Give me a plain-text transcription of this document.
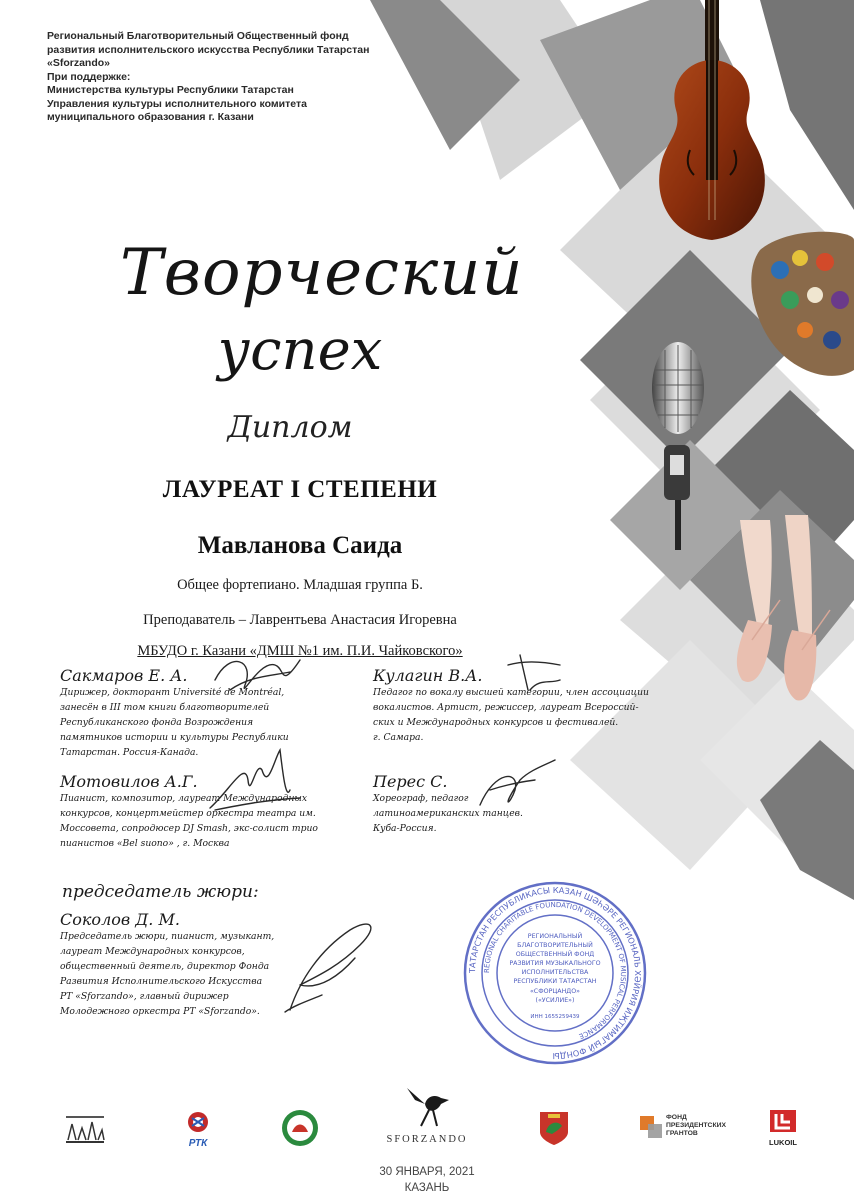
Региональный Благотворительный Общественный фонд
развития исполнительского искусства Республики Татарстан
«Sforzando»
При поддержке:
Министерства культуры Республики Татарстан
Управления культуры исполнительного комитета
муниципального образования г. Казани
Творческий
успех
Диплом
ЛАУРЕАТ I СТЕПЕНИ
Мавланова Саида
Общее фортепиано. Младшая группа Б.
Преподаватель – Лаврентьева Анастасия Игоревна
МБУДО г. Казани «ДМШ №1 им. П.И. Чайковского»
Сакмаров Е. А.
Дирижер, докторант Université de Montréal,
занесён в III том книги благотворителей
Республиканского фонда Возрождения
памятников истории и культуры Республики
Татарстан. Россия-Канада.
Кулагин В.А.
Педагог по вокалу высшей категории, член ассоциации
вокалистов. Артист, режиссер, лауреат Всероссий-
ских и Международных конкурсов и фестивалей.
г. Самара.
Мотовилов А.Г.
Пианист, композитор, лауреат Международных
конкурсов, концертмейстер оркестра театра им.
Моссовета, сопродюсер DJ Smash, экс-солист трио
пианистов «Bel suono» , г. Москва
Перес С.
Хореограф, педагог
латиноамериканских танцев.
Куба-Россия.
председатель жюри:
Соколов Д. М.
Председатель жюри, пианист, музыкант,
лауреат Международных конкурсов,
общественный деятель, директор Фонда
Развития Исполнительского Искусства
РТ «Sforzando», главный дирижер
Молодежного оркестра РТ «Sforzando».
ТАТАРСТАН РЕСПУБЛИКАСЫ КАЗАН ШӘҺӘРЕ РЕГИОНАЛЬ ХӘЙРИЯ ИҖТИМАГЫЙ ФОНДЫ
REGIONAL CHARITABLE FOUNDATION DEVELOPMENT OF MUSICAL PERFORMANCE
РЕГИОНАЛЬНЫЙ
БЛАГОТВОРИТЕЛЬНЫЙ
ОБЩЕСТВЕННЫЙ ФОНД
РАЗВИТИЯ МУЗЫКАЛЬНОГО
ИСПОЛНИТЕЛЬСТВА
РЕСПУБЛИКИ ТАТАРСТАН
«СФОРЦАНДО»
(«УСИЛИЕ»)
ИНН 1655259439
РТК	SFORZANDO
ФОНД
ПРЕЗИДЕНТСКИХ
ГРАНТОВ
LUKOIL
30 ЯНВАРЯ, 2021
КАЗАНЬ
